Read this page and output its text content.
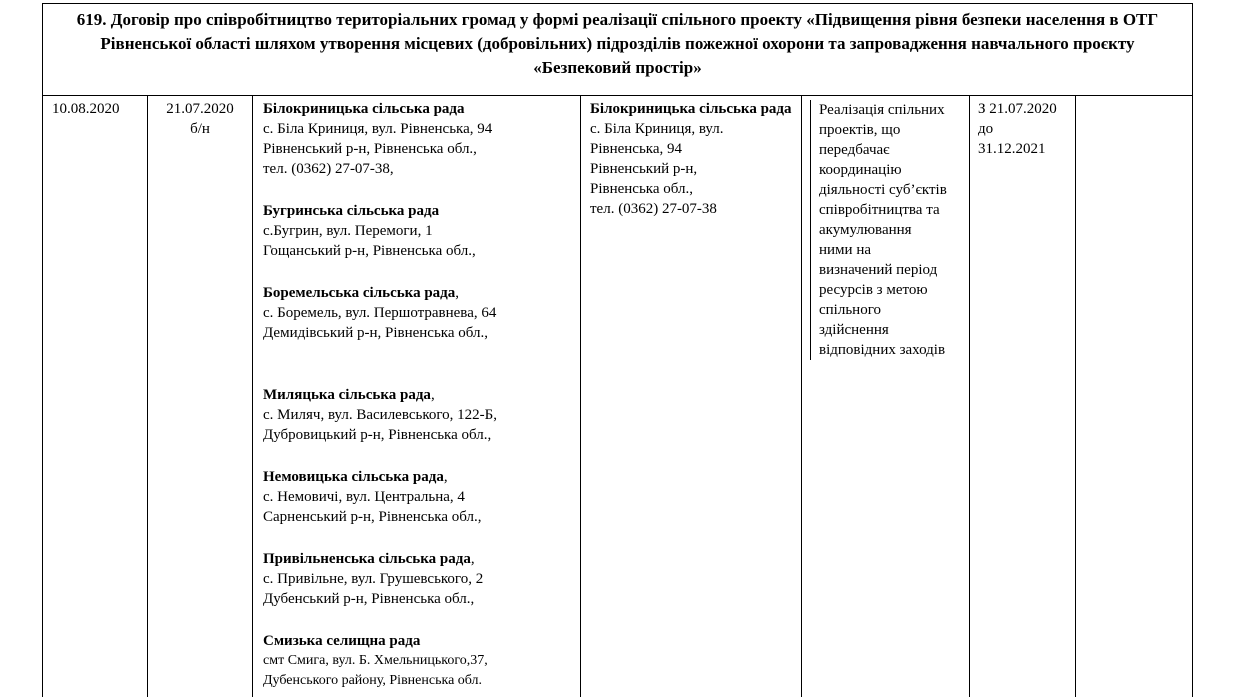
619. Договір про співробітництво територіальних громад у формі реалізації спільного проекту «Підвищення рівня безпеки населення в ОТГ Рівненської області шляхом утворення місцевих (добровільних) підрозділів пожежної охорони та запровадження навчального проєкту «Безпековий простір»
10.08.2020	21.07.2020
б/н
Білокриницька сільська рада
с. Біла Криниця, вул. Рівненська, 94
Рівненський р-н, Рівненська обл.,
тел. (0362) 27-07-38,
Бугринська сільська рада
с.Бугрин, вул. Перемоги, 1
Гощанський р-н, Рівненська обл.,
Боремельська сільська рада,
с. Боремель, вул. Першотравнева, 64
Демидівський р-н, Рівненська обл.,
Миляцька сільська рада,
с. Миляч, вул. Василевського, 122-Б,
Дубровицький р-н, Рівненська обл.,
Немовицька сільська рада,
с. Немовичі, вул. Центральна, 4
Сарненський р-н, Рівненська обл.,
Привільненська сільська рада,
с. Привільне, вул. Грушевського, 2
Дубенський р-н, Рівненська обл.,
Смизька селищна рада
смт Смига, вул. Б. Хмельницького,37,
Дубенського району, Рівненська обл.
Білокриницька сільська рада
с. Біла Криниця, вул.
Рівненська, 94
Рівненський р-н,
Рівненська обл.,
тел. (0362) 27-07-38
Реалізація спільних
проектів, що
передбачає
координацію
діяльності суб’єктів
співробітництва та
акумулювання
ними на
визначений період
ресурсів з метою
спільного
здійснення
відповідних заходів
З 21.07.2020
до
31.12.2021
